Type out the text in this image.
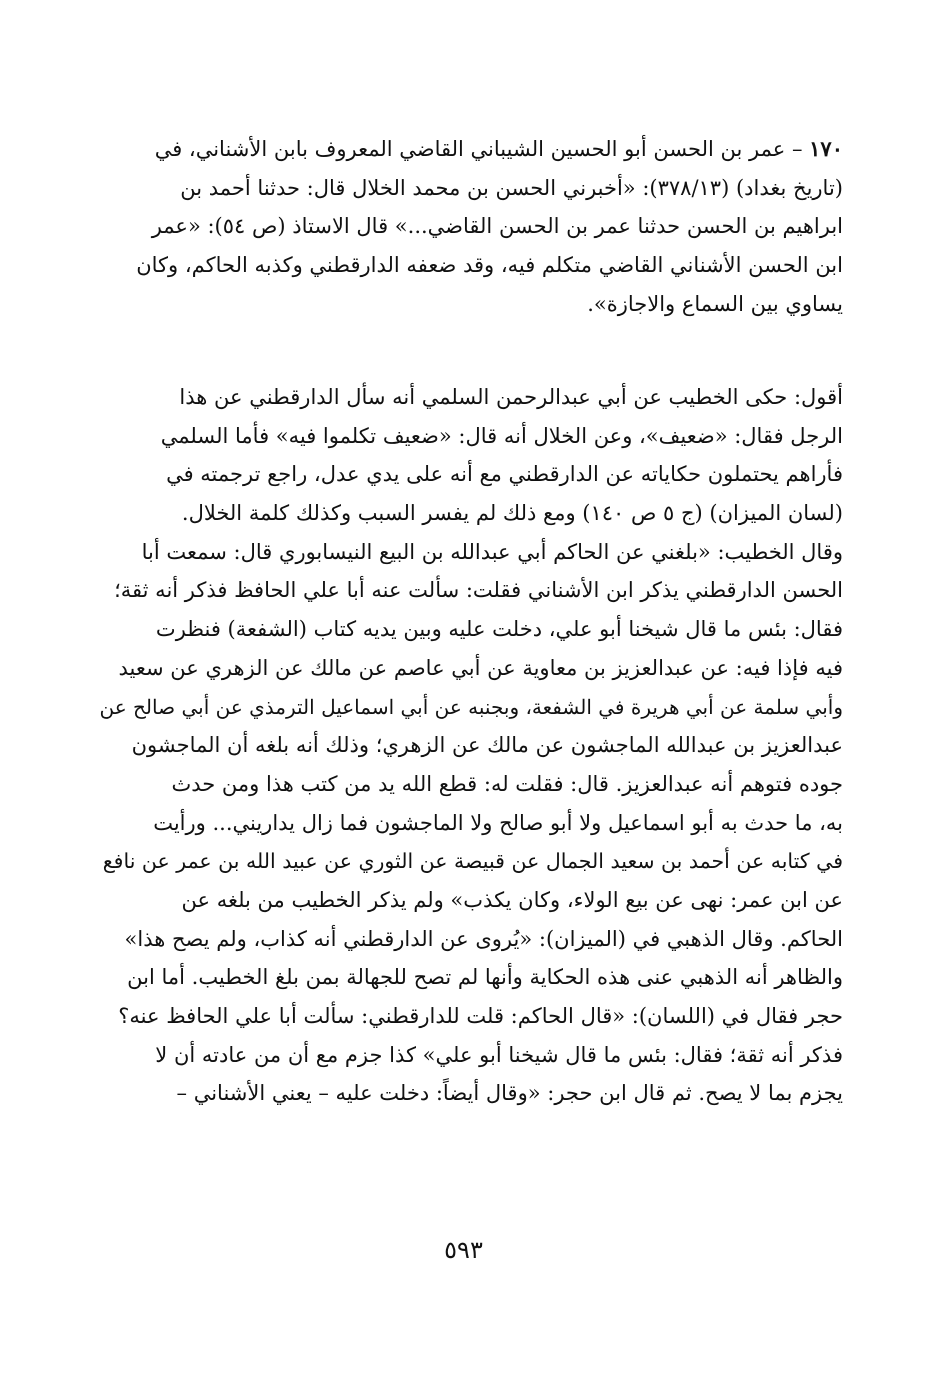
١٧٠ – عمر بن الحسن أبو الحسين الشيباني القاضي المعروف بابن الأشناني، في
(تاريخ بغداد) (٣٧٨/١٣): «أخبرني الحسن بن محمد الخلال قال: حدثنا أحمد بن
ابراهيم بن الحسن حدثنا عمر بن الحسن القاضي...» قال الاستاذ (ص ٥٤): «عمر
ابن الحسن الأشناني القاضي متكلم فيه، وقد ضعفه الدارقطني وكذبه الحاكم، وكان
يساوي بين السماع والاجازة».
أقول: حكى الخطيب عن أبي عبدالرحمن السلمي أنه سأل الدارقطني عن هذا
الرجل فقال: «ضعيف»، وعن الخلال أنه قال: «ضعيف تكلموا فيه» فأما السلمي
فأراهم يحتملون حكاياته عن الدارقطني مع أنه على يدي عدل، راجع ترجمته في
(لسان الميزان) (ج ٥ ص ١٤٠) ومع ذلك لم يفسر السبب وكذلك كلمة الخلال.
وقال الخطيب: «بلغني عن الحاكم أبي عبدالله بن البيع النيسابوري قال: سمعت أبا
الحسن الدارقطني يذكر ابن الأشناني فقلت: سألت عنه أبا علي الحافظ فذكر أنه ثقة؛
فقال: بئس ما قال شيخنا أبو علي، دخلت عليه وبين يديه كتاب (الشفعة) فنظرت
فيه فإذا فيه: عن عبدالعزيز بن معاوية عن أبي عاصم عن مالك عن الزهري عن سعيد
وأبي سلمة عن أبي هريرة في الشفعة، وبجنبه عن أبي اسماعيل الترمذي عن أبي صالح عن
عبدالعزيز بن عبدالله الماجشون عن مالك عن الزهري؛ وذلك أنه بلغه أن الماجشون
جوده فتوهم أنه عبدالعزيز. قال: فقلت له: قطع الله يد من كتب هذا ومن حدث
به، ما حدث به أبو اسماعيل ولا أبو صالح ولا الماجشون فما زال يداريني... ورأيت
في كتابه عن أحمد بن سعيد الجمال عن قبيصة عن الثوري عن عبيد الله بن عمر عن نافع
عن ابن عمر: نهى عن بيع الولاء، وكان يكذب» ولم يذكر الخطيب من بلغه عن
الحاكم. وقال الذهبي في (الميزان): «يُروى عن الدارقطني أنه كذاب، ولم يصح هذا»
والظاهر أنه الذهبي عنى هذه الحكاية وأنها لم تصح للجهالة بمن بلغ الخطيب. أما ابن
حجر فقال في (اللسان): «قال الحاكم: قلت للدارقطني: سألت أبا علي الحافظ عنه؟
فذكر أنه ثقة؛ فقال: بئس ما قال شيخنا أبو علي» كذا جزم مع أن من عادته أن لا
يجزم بما لا يصح. ثم قال ابن حجر: «وقال أيضاً: دخلت عليه – يعني الأشناني –
٥٩٣
